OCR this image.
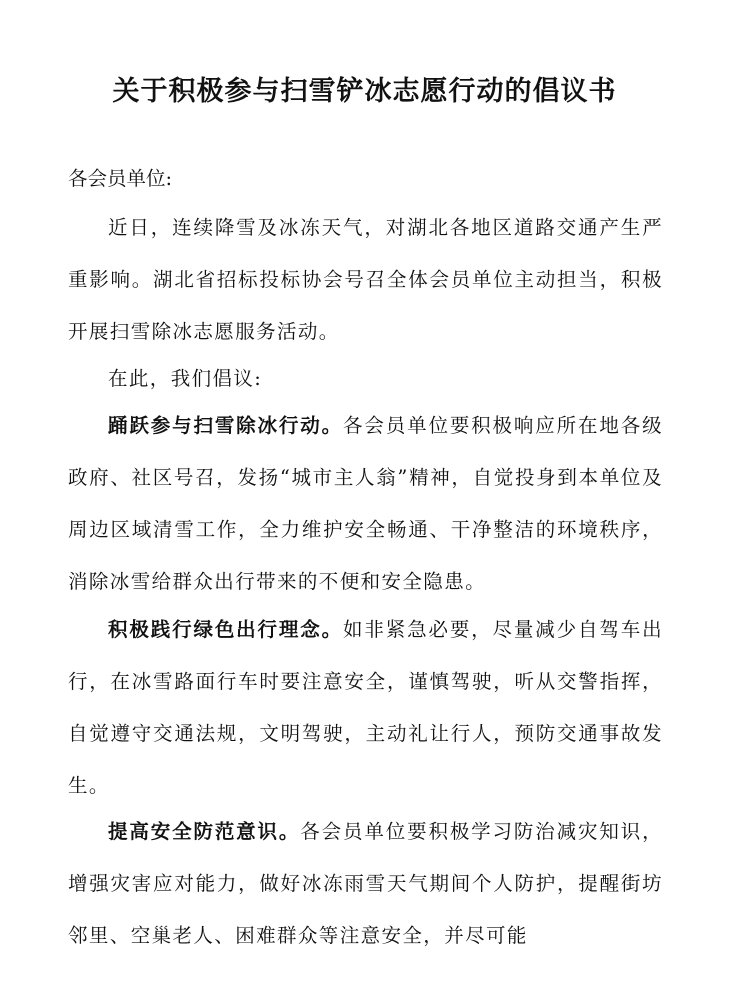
关于积极参与扫雪铲冰志愿行动的倡议书
各会员单位:

近日，连续降雪及冰冻天气，对湖北各地区道路交通产生严重影响。湖北省招标投标协会号召全体会员单位主动担当，积极开展扫雪除冰志愿服务活动。

在此，我们倡议:

踊跃参与扫雪除冰行动。各会员单位要积极响应所在地各级政府、社区号召，发扬“城市主人翁”精神，自觉投身到本单位及周边区域清雪工作，全力维护安全畅通、干净整洁的环境秩序，消除冰雪给群众出行带来的不便和安全隐患。

积极践行绿色出行理念。如非紧急必要，尽量减少自驾车出行，在冰雪路面行车时要注意安全，谨慎驾驶，听从交警指挥，自觉遵守交通法规，文明驾驶，主动礼让行人，预防交通事故发生。

提高安全防范意识。各会员单位要积极学习防治减灾知识，增强灾害应对能力，做好冰冻雨雪天气期间个人防护，提醒街坊邻里、空巢老人、困难群众等注意安全，并尽可能
